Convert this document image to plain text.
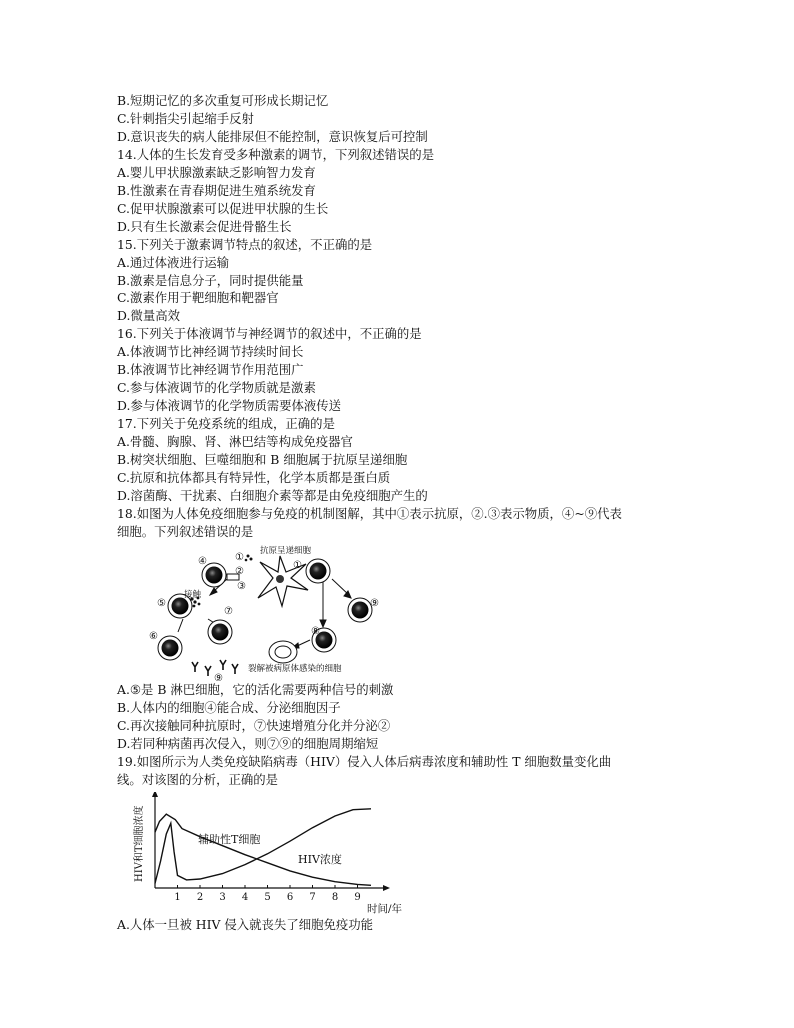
B.短期记忆的多次重复可形成长期记忆
C.针刺指尖引起缩手反射
D.意识丧失的病人能排尿但不能控制，意识恢复后可控制
14.人体的生长发育受多种激素的调节，下列叙述错误的是
A.婴儿甲状腺激素缺乏影响智力发育
B.性激素在青春期促进生殖系统发育
C.促甲状腺激素可以促进甲状腺的生长
D.只有生长激素会促进骨骼生长
15.下列关于激素调节特点的叙述，不正确的是
A.通过体液进行运输
B.激素是信息分子，同时提供能量
C.激素作用于靶细胞和靶器官
D.微量高效
16.下列关于体液调节与神经调节的叙述中，不正确的是
A.体液调节比神经调节持续时间长
B.体液调节比神经调节作用范围广
C.参与体液调节的化学物质就是激素
D.参与体液调节的化学物质需要体液传送
17.下列关于免疫系统的组成，正确的是
A.骨髓、胸腺、肾、淋巴结等构成免疫器官
B.树突状细胞、巨噬细胞和 B 细胞属于抗原呈递细胞
C.抗原和抗体都具有特异性，化学本质都是蛋白质
D.溶菌酶、干扰素、白细胞介素等都是由免疫细胞产生的
18.如图为人体免疫细胞参与免疫的机制图解，其中①表示抗原，②.③表示物质，④~⑨代表
细胞。下列叙述错误的是
抗原呈递细胞
接触
裂解被病原体感染的细胞
①
①
②
③
④
⑤
⑥
⑦
⑧
⑨
⑨
A.⑤是 B 淋巴细胞，它的活化需要两种信号的刺激
B.人体内的细胞④能合成、分泌细胞因子
C.再次接触同种抗原时，⑦快速增殖分化并分泌②
D.若同种病菌再次侵入，则⑦⑨的细胞周期缩短
19.如图所示为人类免疫缺陷病毒（HIV）侵入人体后病毒浓度和辅助性 T 细胞数量变化曲
线。对该图的分析，正确的是
1 2 3 4 5 6 7 8 9
时间/年
HIV和T细胞浓度	辅助性T细胞
HIV浓度
A.人体一旦被 HIV 侵入就丧失了细胞免疫功能
